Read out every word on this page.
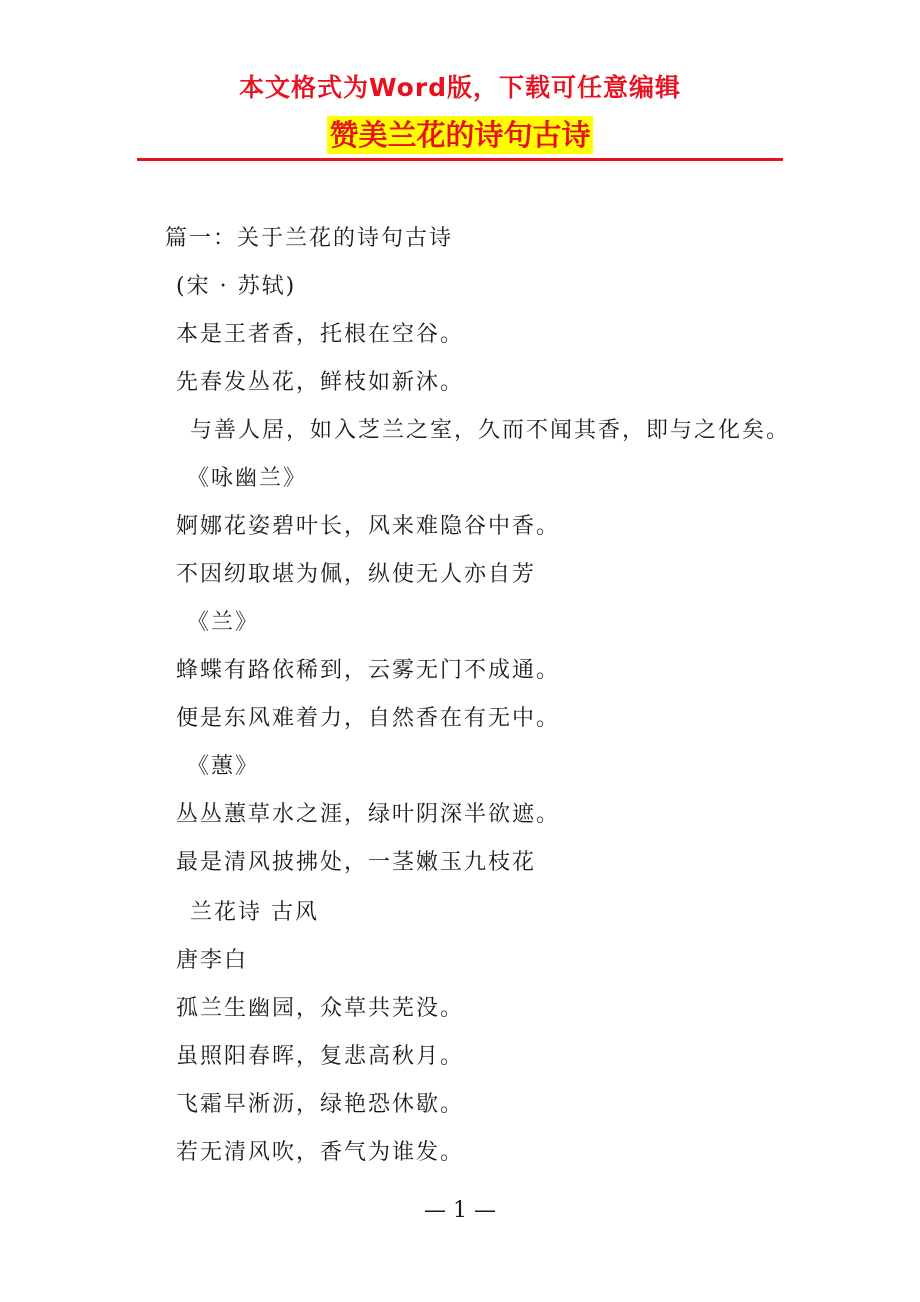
本文格式为Word版，下载可任意编辑
赞美兰花的诗句古诗
篇一：关于兰花的诗句古诗
(宋 · 苏轼)
本是王者香，托根在空谷。
先春发丛花，鲜枝如新沐。
与善人居，如入芝兰之室，久而不闻其香，即与之化矣。
《咏幽兰》
婀娜花姿碧叶长，风来难隐谷中香。
不因纫取堪为佩，纵使无人亦自芳
《兰》
蜂蝶有路依稀到，云雾无门不成通。
便是东风难着力，自然香在有无中。
《蕙》
丛丛蕙草水之涯，绿叶阴深半欲遮。
最是清风披拂处，一茎嫩玉九枝花
兰花诗 古风
唐李白
孤兰生幽园，众草共芜没。
虽照阳春晖，复悲高秋月。
飞霜早淅沥，绿艳恐休歇。
若无清风吹，香气为谁发。
— 1 —
